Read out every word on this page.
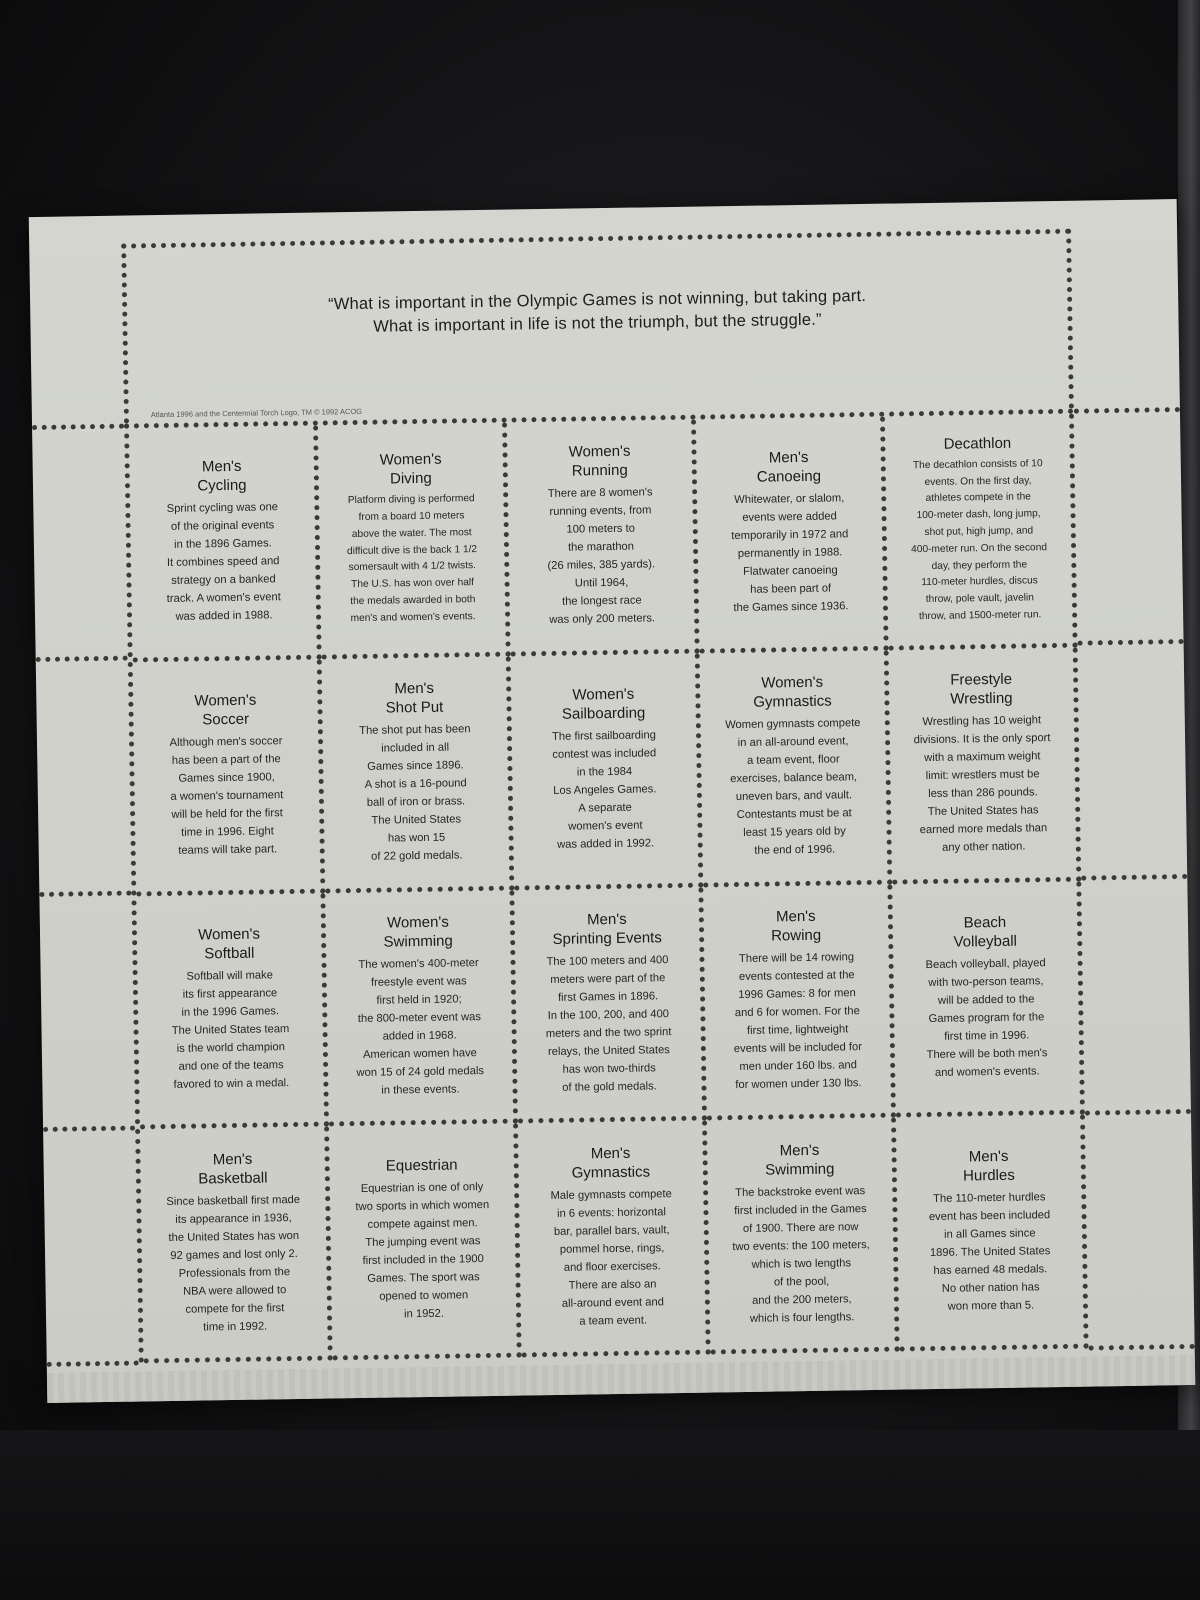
“What is important in the Olympic Games is not winning, but taking part.
What is important in life is not the triumph, but the struggle.”
Atlanta 1996 and the Centennial Torch Logo, TM © 1992 ACOG
Men's
Cycling
Sprint cycling was one
of the original events
in the 1896 Games.
It combines speed and
strategy on a banked
track. A women's event
was added in 1988.
Women's
Diving
Platform diving is performed
from a board 10 meters
above the water. The most
difficult dive is the back 1 1/2
somersault with 4 1/2 twists.
The U.S. has won over half
the medals awarded in both
men's and women's events.
Women's
Running
There are 8 women's
running events, from
100 meters to
the marathon
(26 miles, 385 yards).
Until 1964,
the longest race
was only 200 meters.
Men's
Canoeing
Whitewater, or slalom,
events were added
temporarily in 1972 and
permanently in 1988.
Flatwater canoeing
has been part of
the Games since 1936.
Decathlon
The decathlon consists of 10
events. On the first day,
athletes compete in the
100-meter dash, long jump,
shot put, high jump, and
400-meter run. On the second
day, they perform the
110-meter hurdles, discus
throw, pole vault, javelin
throw, and 1500-meter run.
Women's
Soccer
Although men's soccer
has been a part of the
Games since 1900,
a women's tournament
will be held for the first
time in 1996. Eight
teams will take part.
Men's
Shot Put
The shot put has been
included in all
Games since 1896.
A shot is a 16-pound
ball of iron or brass.
The United States
has won 15
of 22 gold medals.
Women's
Sailboarding
The first sailboarding
contest was included
in the 1984
Los Angeles Games.
A separate
women's event
was added in 1992.
Women's
Gymnastics
Women gymnasts compete
in an all-around event,
a team event, floor
exercises, balance beam,
uneven bars, and vault.
Contestants must be at
least 15 years old by
the end of 1996.
Freestyle
Wrestling
Wrestling has 10 weight
divisions. It is the only sport
with a maximum weight
limit: wrestlers must be
less than 286 pounds.
The United States has
earned more medals than
any other nation.
Women's
Softball
Softball will make
its first appearance
in the 1996 Games.
The United States team
is the world champion
and one of the teams
favored to win a medal.
Women's
Swimming
The women's 400-meter
freestyle event was
first held in 1920;
the 800-meter event was
added in 1968.
American women have
won 15 of 24 gold medals
in these events.
Men's
Sprinting Events
The 100 meters and 400
meters were part of the
first Games in 1896.
In the 100, 200, and 400
meters and the two sprint
relays, the United States
has won two-thirds
of the gold medals.
Men's
Rowing
There will be 14 rowing
events contested at the
1996 Games: 8 for men
and 6 for women. For the
first time, lightweight
events will be included for
men under 160 lbs. and
for women under 130 lbs.
Beach
Volleyball
Beach volleyball, played
with two-person teams,
will be added to the
Games program for the
first time in 1996.
There will be both men's
and women's events.
Men's
Basketball
Since basketball first made
its appearance in 1936,
the United States has won
92 games and lost only 2.
Professionals from the
NBA were allowed to
compete for the first
time in 1992.
Equestrian
Equestrian is one of only
two sports in which women
compete against men.
The jumping event was
first included in the 1900
Games. The sport was
opened to women
in 1952.
Men's
Gymnastics
Male gymnasts compete
in 6 events: horizontal
bar, parallel bars, vault,
pommel horse, rings,
and floor exercises.
There are also an
all-around event and
a team event.
Men's
Swimming
The backstroke event was
first included in the Games
of 1900. There are now
two events: the 100 meters,
which is two lengths
of the pool,
and the 200 meters,
which is four lengths.
Men's
Hurdles
The 110-meter hurdles
event has been included
in all Games since
1896. The United States
has earned 48 medals.
No other nation has
won more than 5.
